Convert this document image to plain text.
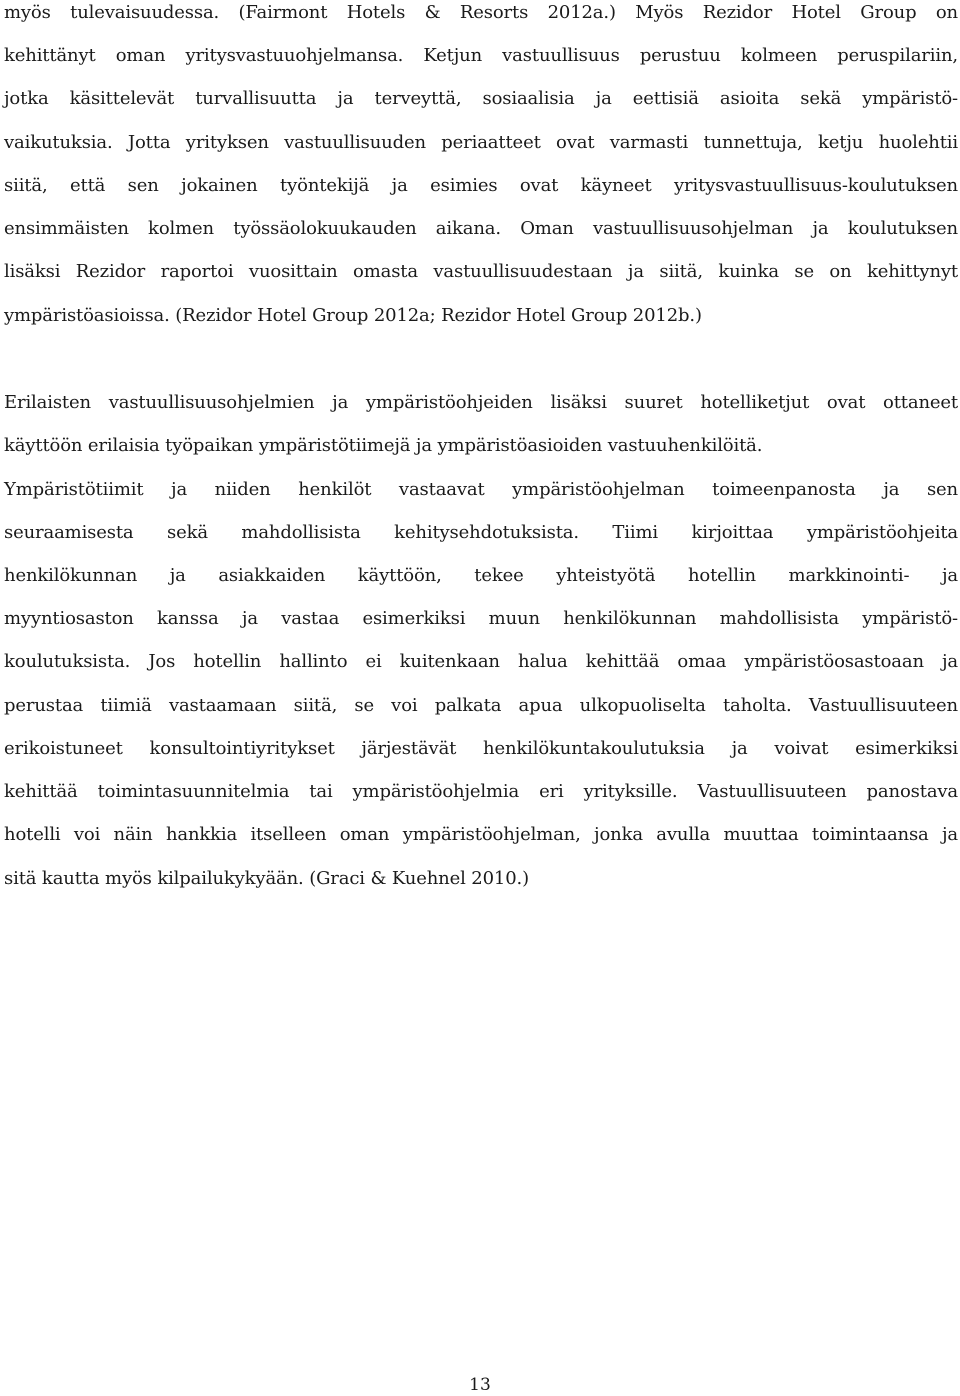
myös tulevaisuudessa. (Fairmont Hotels & Resorts 2012a.) Myös Rezidor Hotel Group on
kehittänyt oman yritysvastuuohjelmansa. Ketjun vastuullisuus perustuu kolmeen peruspilariin,
jotka käsittelevät turvallisuutta ja terveyttä, sosiaalisia ja eettisiä asioita sekä ympäristö-
vaikutuksia. Jotta yrityksen vastuullisuuden periaatteet ovat varmasti tunnettuja, ketju huolehtii
siitä, että sen jokainen työntekijä ja esimies ovat käyneet yritysvastuullisuus-koulutuksen
ensimmäisten kolmen työssäolokuukauden aikana. Oman vastuullisuusohjelman ja koulutuksen
lisäksi Rezidor raportoi vuosittain omasta vastuullisuudestaan ja siitä, kuinka se on kehittynyt
ympäristöasioissa. (Rezidor Hotel Group 2012a; Rezidor Hotel Group 2012b.)
Erilaisten vastuullisuusohjelmien ja ympäristöohjeiden lisäksi suuret hotelliketjut ovat ottaneet
käyttöön erilaisia työpaikan ympäristötiimejä ja ympäristöasioiden vastuuhenkilöitä.
Ympäristötiimit ja niiden henkilöt vastaavat ympäristöohjelman toimeenpanosta ja sen
seuraamisesta sekä mahdollisista kehitysehdotuksista. Tiimi kirjoittaa ympäristöohjeita
henkilökunnan ja asiakkaiden käyttöön, tekee yhteistyötä hotellin markkinointi- ja
myyntiosaston kanssa ja vastaa esimerkiksi muun henkilökunnan mahdollisista ympäristö-
koulutuksista. Jos hotellin hallinto ei kuitenkaan halua kehittää omaa ympäristöosastoaan ja
perustaa tiimiä vastaamaan siitä, se voi palkata apua ulkopuoliselta taholta. Vastuullisuuteen
erikoistuneet konsultointiyritykset järjestävät henkilökuntakoulutuksia ja voivat esimerkiksi
kehittää toimintasuunnitelmia tai ympäristöohjelmia eri yrityksille. Vastuullisuuteen panostava
hotelli voi näin hankkia itselleen oman ympäristöohjelman, jonka avulla muuttaa toimintaansa ja
sitä kautta myös kilpailukykyään. (Graci & Kuehnel 2010.)
13
